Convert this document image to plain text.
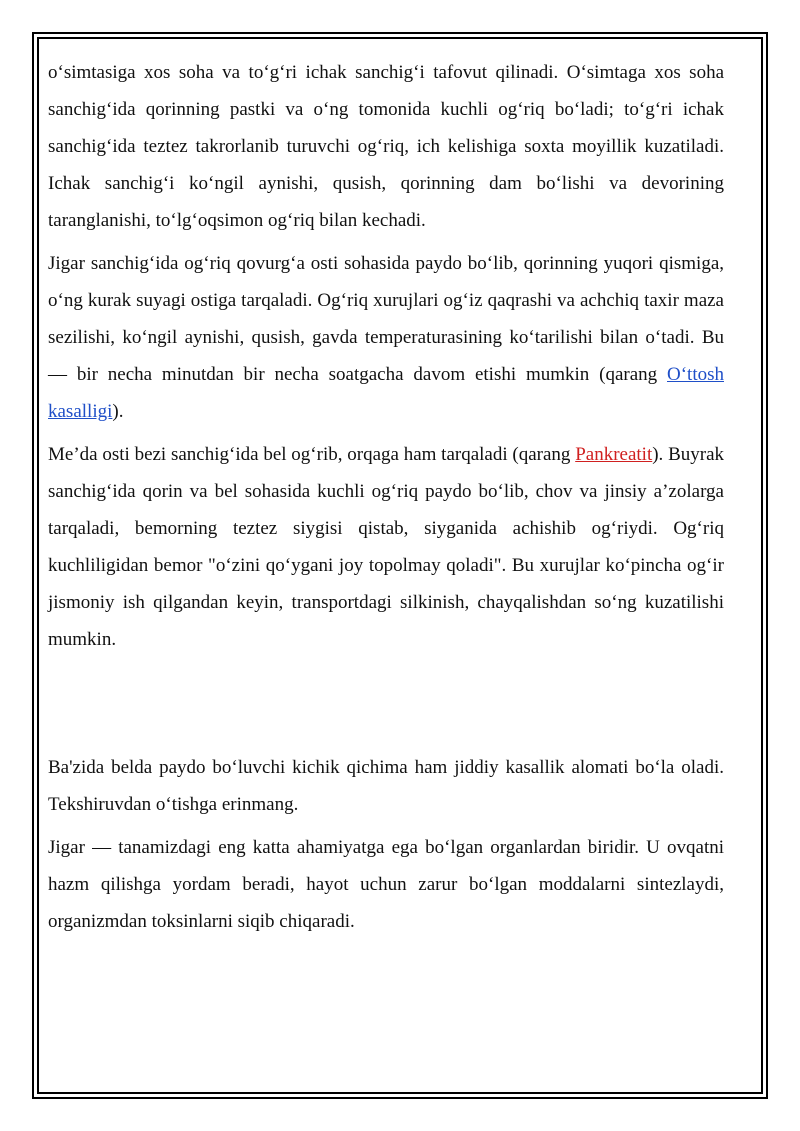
o‘simtasiga xos soha va to‘g‘ri ichak sanchig‘i tafovut qilinadi. O‘simtaga xos soha sanchig‘ida qorinning pastki va o‘ng tomonida kuchli og‘riq bo‘ladi; to‘g‘ri ichak sanchig‘ida teztez takrorlanib turuvchi og‘riq, ich kelishiga soxta moyillik kuzatiladi. Ichak sanchig‘i ko‘ngil aynishi, qusish, qorinning dam bo‘lishi va devorining taranglanishi, to‘lg‘oqsimon og‘riq bilan kechadi.

Jigar sanchig‘ida og‘riq qovurg‘a osti sohasida paydo bo‘lib, qorinning yuqori qismiga, o‘ng kurak suyagi ostiga tarqaladi. Og‘riq xurujlari og‘iz qaqrashi va achchiq taxir maza sezilishi, ko‘ngil aynishi, qusish, gavda temperaturasining ko‘tarilishi bilan o‘tadi. Bu — bir necha minutdan bir necha soatgacha davom etishi mumkin (qarang O‘ttosh kasalligi).

Me’da osti bezi sanchig‘ida bel og‘rib, orqaga ham tarqaladi (qarang Pankreatit). Buyrak sanchig‘ida qorin va bel sohasida kuchli og‘riq paydo bo‘lib, chov va jinsiy a’zolarga tarqaladi, bemorning teztez siygisi qistab, siyganida achishib og‘riydi. Og‘riq kuchliligidan bemor "o‘zini qo‘ygani joy topolmay qoladi". Bu xurujlar ko‘pincha og‘ir jismoniy ish qilgandan keyin, transportdagi silkinish, chayqalishdan so‘ng kuzatilishi mumkin.

Ba'zida belda paydo bo‘luvchi kichik qichima ham jiddiy kasallik alomati bo‘la oladi. Tekshiruvdan o‘tishga erinmang.

Jigar — tanamizdagi eng katta ahamiyatga ega bo‘lgan organlardan biridir. U ovqatni hazm qilishga yordam beradi, hayot uchun zarur bo‘lgan moddalarni sintezlaydi, organizmdan toksinlarni siqib chiqaradi.
